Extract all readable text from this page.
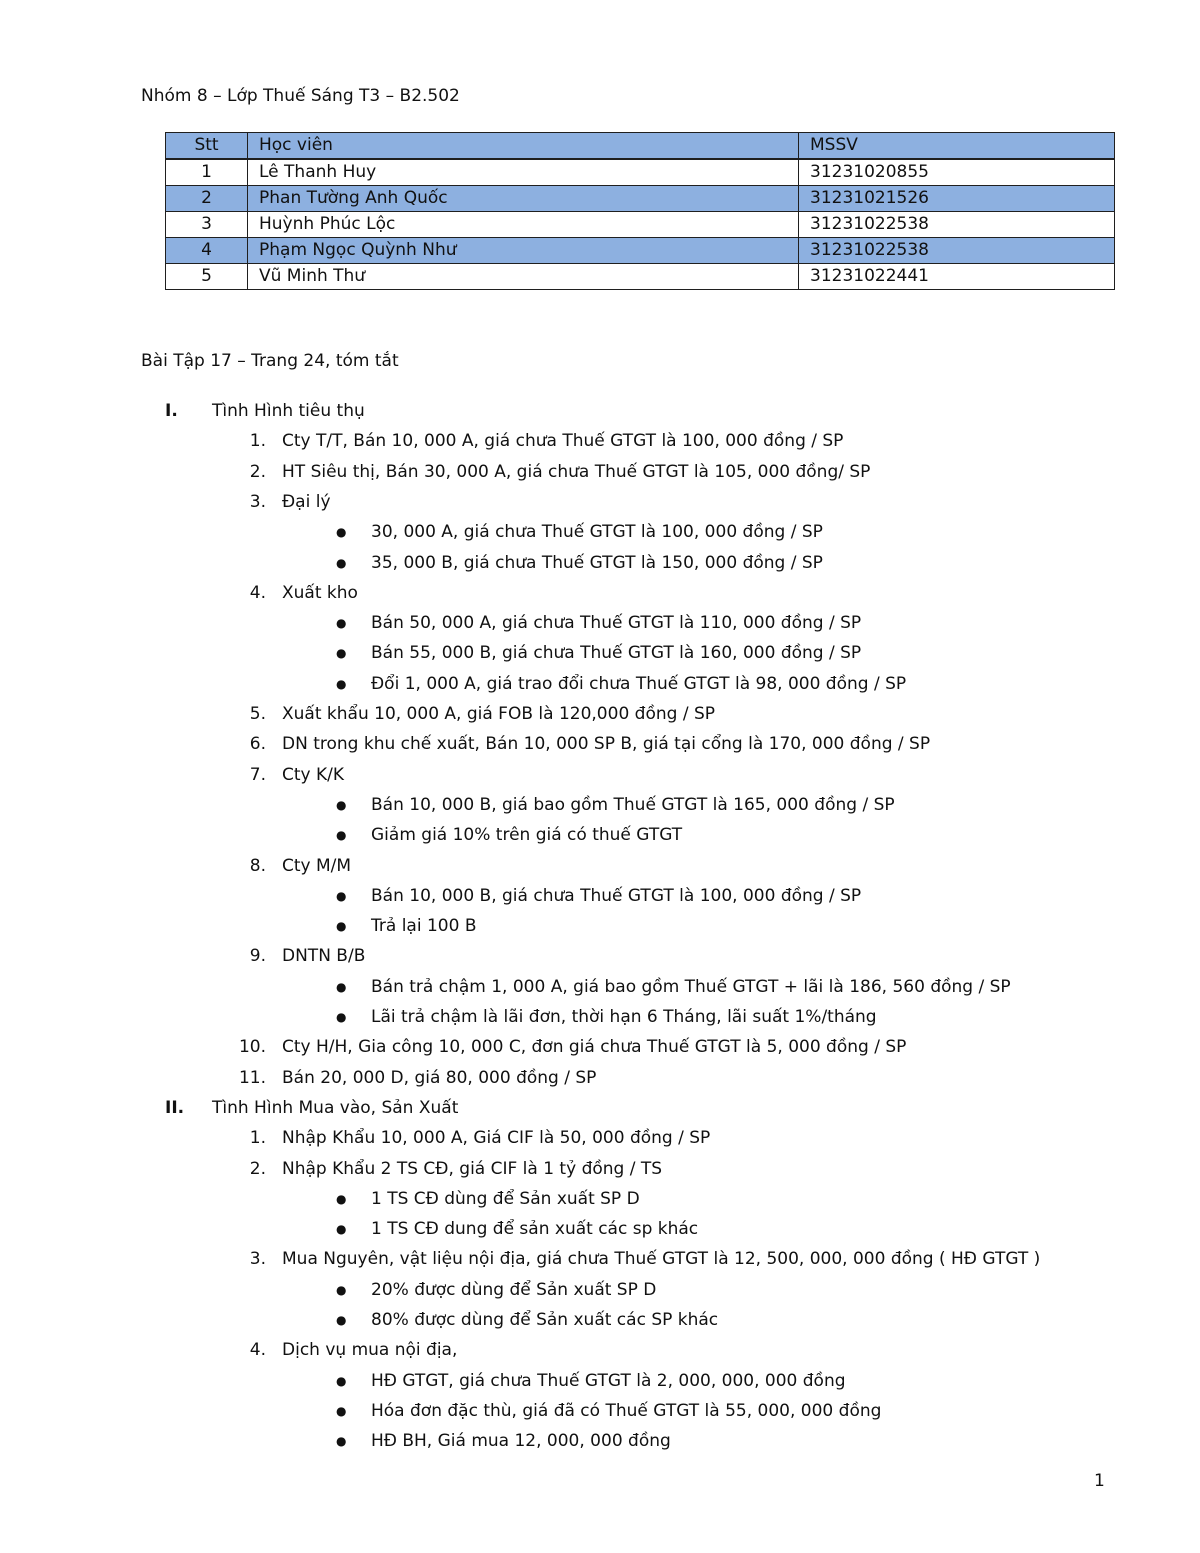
Nhóm 8 – Lớp Thuế Sáng T3 – B2.502
Stt	Học viên	MSSV
1	Lê Thanh Huy	31231020855
2	Phan Tường Anh Quốc	31231021526
3	Huỳnh Phúc Lộc	31231022538
4	Phạm Ngọc Quỳnh Như	31231022538
5	Vũ Minh Thư	31231022441
Bài Tập 17 – Trang 24, tóm tắt
I. Tình Hình tiêu thụ
1. Cty T/T, Bán 10, 000 A, giá chưa Thuế GTGT là 100, 000 đồng / SP
2. HT Siêu thị, Bán 30, 000 A, giá chưa Thuế GTGT là 105, 000 đồng/ SP
3. Đại lý
● 30, 000 A, giá chưa Thuế GTGT là 100, 000 đồng / SP
● 35, 000 B, giá chưa Thuế GTGT là 150, 000 đồng / SP
4. Xuất kho
● Bán 50, 000 A, giá chưa Thuế GTGT là 110, 000 đồng / SP
● Bán 55, 000 B, giá chưa Thuế GTGT là 160, 000 đồng / SP
● Đổi 1, 000 A, giá trao đổi chưa Thuế GTGT là 98, 000 đồng / SP
5. Xuất khẩu 10, 000 A, giá FOB là 120,000 đồng / SP
6. DN trong khu chế xuất, Bán 10, 000 SP B, giá tại cổng là 170, 000 đồng / SP
7. Cty K/K
● Bán 10, 000 B, giá bao gồm Thuế GTGT là 165, 000 đồng / SP
● Giảm giá 10% trên giá có thuế GTGT
8. Cty M/M
● Bán 10, 000 B, giá chưa Thuế GTGT là 100, 000 đồng / SP
● Trả lại 100 B
9. DNTN B/B
● Bán trả chậm 1, 000 A, giá bao gồm Thuế GTGT + lãi là 186, 560 đồng / SP
● Lãi trả chậm là lãi đơn, thời hạn 6 Tháng, lãi suất 1%/tháng
10. Cty H/H, Gia công 10, 000 C, đơn giá chưa Thuế GTGT là 5, 000 đồng / SP
11. Bán 20, 000 D, giá 80, 000 đồng / SP
II. Tình Hình Mua vào, Sản Xuất
1. Nhập Khẩu 10, 000 A, Giá CIF là 50, 000 đồng / SP
2. Nhập Khẩu 2 TS CĐ, giá CIF là 1 tỷ đồng / TS
● 1 TS CĐ dùng để Sản xuất SP D
● 1 TS CĐ dung để sản xuất các sp khác
3. Mua Nguyên, vật liệu nội địa, giá chưa Thuế GTGT là 12, 500, 000, 000 đồng ( HĐ GTGT )
● 20% được dùng để Sản xuất SP D
● 80% được dùng để Sản xuất các SP khác
4. Dịch vụ mua nội địa,
● HĐ GTGT, giá chưa Thuế GTGT là 2, 000, 000, 000 đồng
● Hóa đơn đặc thù, giá đã có Thuế GTGT là 55, 000, 000 đồng
● HĐ BH, Giá mua 12, 000, 000 đồng
1
